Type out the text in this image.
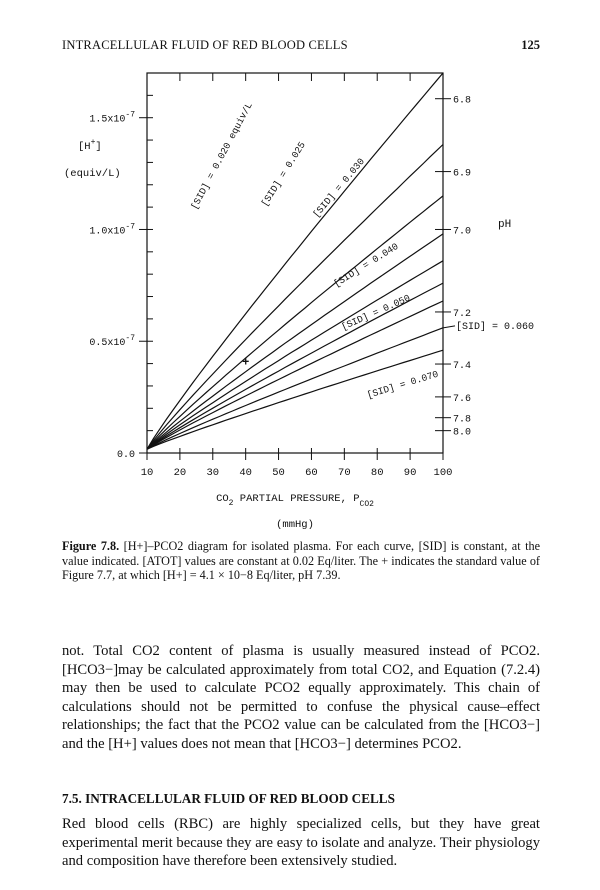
INTRACELLULAR FLUID OF RED BLOOD CELLS	125
10 20 30 40 50 60 70 80 90 100
0.0
$0.5x10^{-7}$
$1.0x10^{-7}$
$1.5x10^{-7}$
6.8
6.9
7.0
7.2
7.4
7.6
7.8
8.0
[H+]
(equiv/L)
pH
$CO_2$ PARTIAL PRESSURE, $P_{CO2}$
(mmHg)
[SID] = 0.020 equiv/L [SID] = 0.025 [SID] = 0.030
[SID] = 0.040
[SID] = 0.050
[SID] = 0.070
[SID] = 0.060
+
Figure 7.8. [H+]–PCO2 diagram for isolated plasma. For each curve, [SID] is constant, at the value indicated. [ATOT] values are constant at 0.02 Eq/liter. The + indicates the standard value of Figure 7.7, at which [H+] = 4.1 × 10−8 Eq/liter, pH 7.39.

not. Total CO2 content of plasma is usually measured instead of PCO2. [HCO3−]may be calculated approximately from total CO2, and Equation (7.2.4) may then be used to calculate PCO2 equally approximately. This chain of calculations should not be permitted to confuse the physical cause–effect relationships; the fact that the PCO2 value can be calculated from the [HCO3−] and the [H+] values does not mean that [HCO3−] determines PCO2.

7.5. INTRACELLULAR FLUID OF RED BLOOD CELLS

Red blood cells (RBC) are highly specialized cells, but they have great experimental merit because they are easy to isolate and analyze. Their physiology and composition have therefore been extensively studied.
